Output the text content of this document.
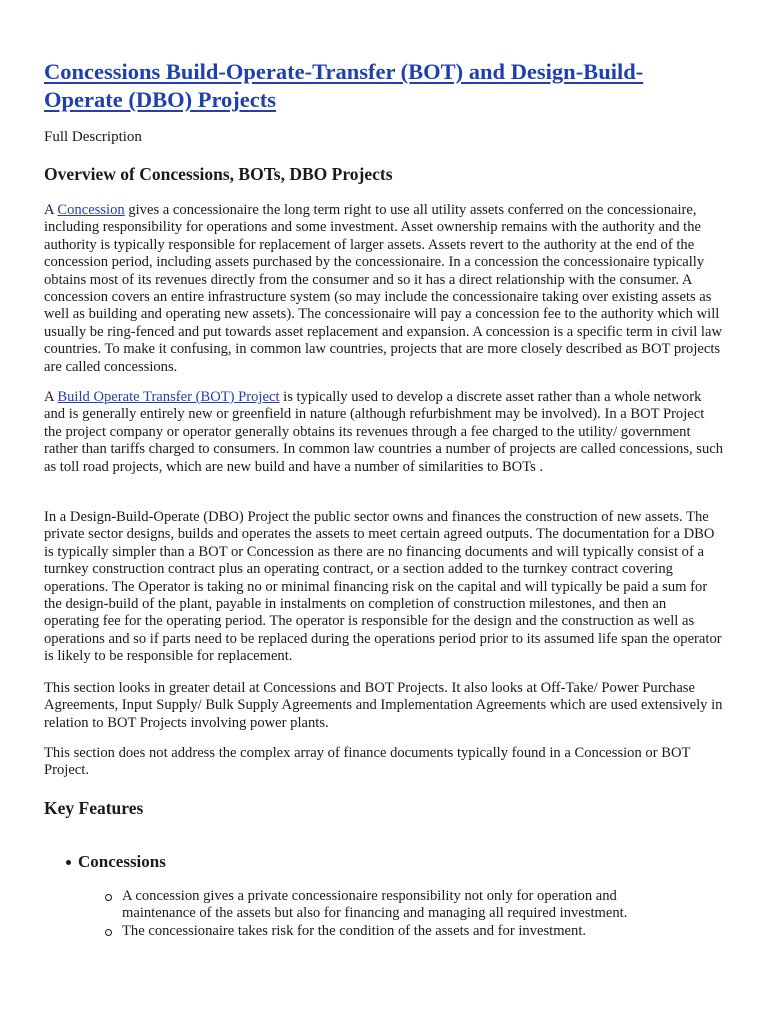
Concessions Build-Operate-Transfer (BOT) and Design-Build-Operate (DBO) Projects

Full Description

Overview of Concessions, BOTs, DBO Projects

A Concession gives a concessionaire the long term right to use all utility assets conferred on the concessionaire, including responsibility for operations and some investment. Asset ownership remains with the authority and the authority is typically responsible for replacement of larger assets. Assets revert to the authority at the end of the concession period, including assets purchased by the concessionaire. In a concession the concessionaire typically obtains most of its revenues directly from the consumer and so it has a direct relationship with the consumer. A concession covers an entire infrastructure system (so may include the concessionaire taking over existing assets as well as building and operating new assets). The concessionaire will pay a concession fee to the authority which will usually be ring-fenced and put towards asset replacement and expansion. A concession is a specific term in civil law countries. To make it confusing, in common law countries, projects that are more closely described as BOT projects are called concessions.

A Build Operate Transfer (BOT) Project is typically used to develop a discrete asset rather than a whole network and is generally entirely new or greenfield in nature (although refurbishment may be involved). In a BOT Project the project company or operator generally obtains its revenues through a fee charged to the utility/ government rather than tariffs charged to consumers. In common law countries a number of projects are called concessions, such as toll road projects, which are new build and have a number of similarities to BOTs .

In a Design-Build-Operate (DBO) Project the public sector owns and finances the construction of new assets. The private sector designs, builds and operates the assets to meet certain agreed outputs. The documentation for a DBO is typically simpler than a BOT or Concession as there are no financing documents and will typically consist of a turnkey construction contract plus an operating contract, or a section added to the turnkey contract covering operations. The Operator is taking no or minimal financing risk on the capital and will typically be paid a sum for the design-build of the plant, payable in instalments on completion of construction milestones, and then an operating fee for the operating period. The operator is responsible for the design and the construction as well as operations and so if parts need to be replaced during the operations period prior to its assumed life span the operator is likely to be responsible for replacement.

This section looks in greater detail at Concessions and BOT Projects. It also looks at Off-Take/ Power Purchase Agreements, Input Supply/ Bulk Supply Agreements and Implementation Agreements which are used extensively in relation to BOT Projects involving power plants.

This section does not address the complex array of finance documents typically found in a Concession or BOT Project.

Key Features
Concessions
A concession gives a private concessionaire responsibility not only for operation and maintenance of the assets but also for financing and managing all required investment.
The concessionaire takes risk for the condition of the assets and for investment.
